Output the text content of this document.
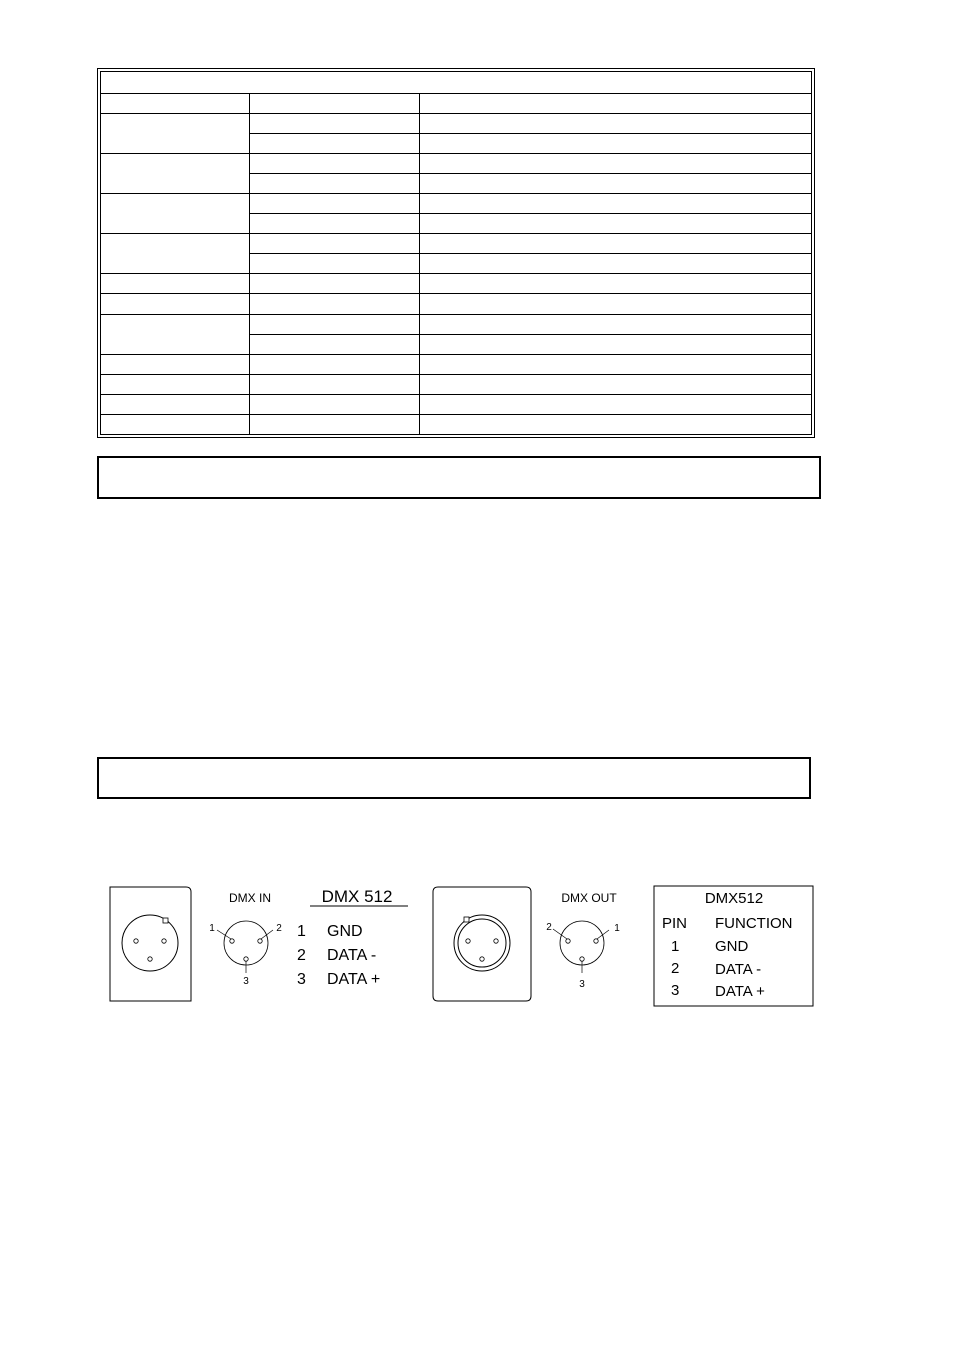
DMX IN
1	2
3
DMX 512
1 GND
2 DATA -
3 DATA +
DMX OUT
2	1
3
DMX512
PIN FUNCTION
1 GND
2 DATA -
3 DATA +
